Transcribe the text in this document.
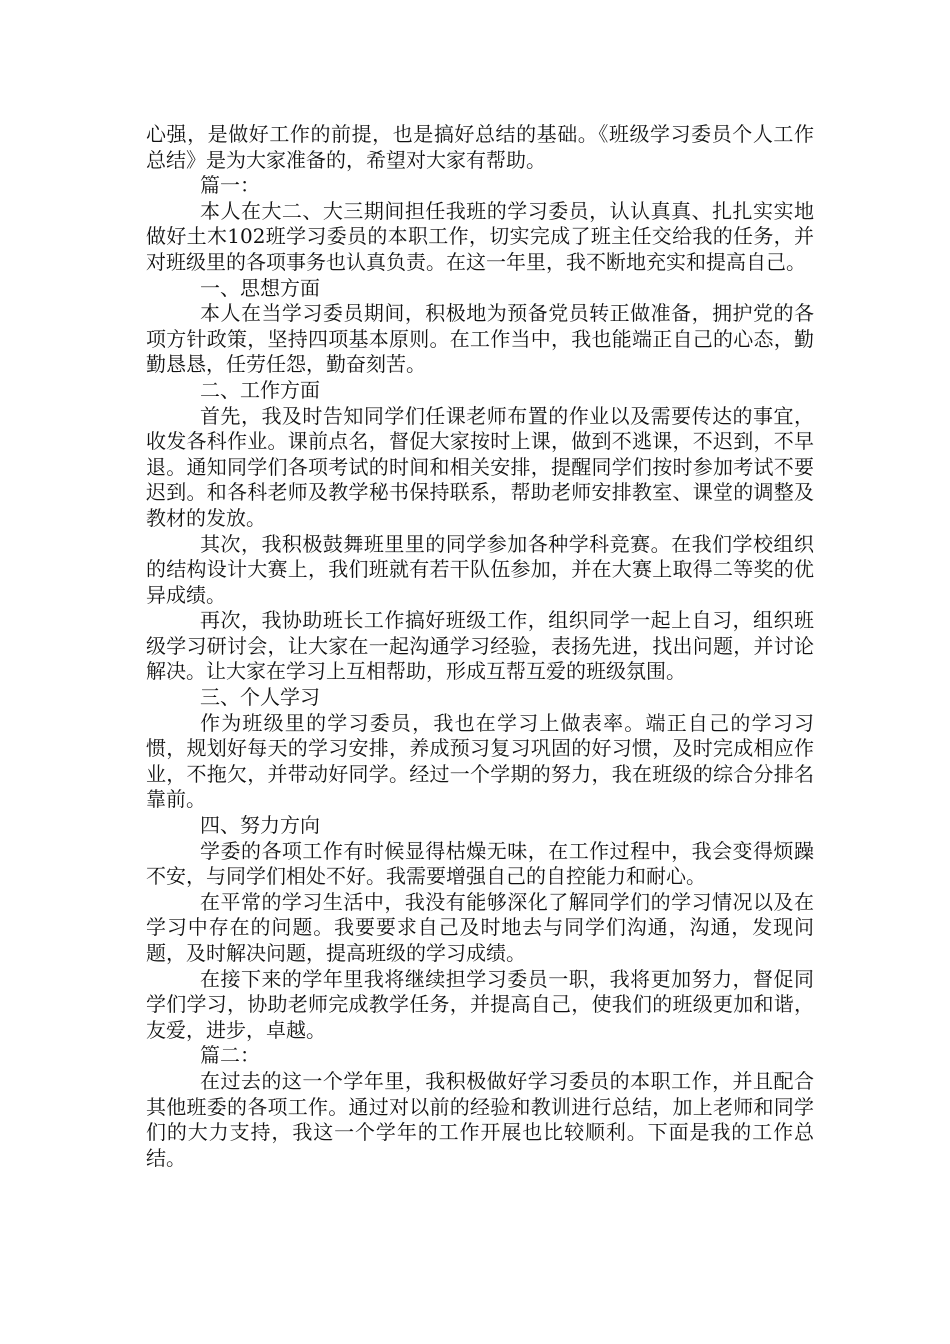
心强，是做好工作的前提，也是搞好总结的基础。《班级学习委员个人工作总结》是为大家准备的，希望对大家有帮助。

篇一：

本人在大二、大三期间担任我班的学习委员，认认真真、扎扎实实地做好土木102班学习委员的本职工作，切实完成了班主任交给我的任务，并对班级里的各项事务也认真负责。在这一年里，我不断地充实和提高自己。

一、思想方面

本人在当学习委员期间，积极地为预备党员转正做准备，拥护党的各项方针政策，坚持四项基本原则。在工作当中，我也能端正自己的心态，勤勤恳恳，任劳任怨，勤奋刻苦。

二、工作方面

首先，我及时告知同学们任课老师布置的作业以及需要传达的事宜，收发各科作业。课前点名，督促大家按时上课，做到不逃课，不迟到，不早退。通知同学们各项考试的时间和相关安排，提醒同学们按时参加考试不要迟到。和各科老师及教学秘书保持联系，帮助老师安排教室、课堂的调整及教材的发放。

其次，我积极鼓舞班里里的同学参加各种学科竞赛。在我们学校组织的结构设计大赛上，我们班就有若干队伍参加，并在大赛上取得二等奖的优异成绩。

再次，我协助班长工作搞好班级工作，组织同学一起上自习，组织班级学习研讨会，让大家在一起沟通学习经验，表扬先进，找出问题，并讨论解决。让大家在学习上互相帮助，形成互帮互爱的班级氛围。

三、个人学习

作为班级里的学习委员，我也在学习上做表率。端正自己的学习习惯，规划好每天的学习安排，养成预习复习巩固的好习惯，及时完成相应作业，不拖欠，并带动好同学。经过一个学期的努力，我在班级的综合分排名靠前。

四、努力方向

学委的各项工作有时候显得枯燥无味，在工作过程中，我会变得烦躁不安，与同学们相处不好。我需要增强自己的自控能力和耐心。

在平常的学习生活中，我没有能够深化了解同学们的学习情况以及在学习中存在的问题。我要要求自己及时地去与同学们沟通，沟通，发现问题，及时解决问题，提高班级的学习成绩。

在接下来的学年里我将继续担学习委员一职，我将更加努力，督促同学们学习，协助老师完成教学任务，并提高自己，使我们的班级更加和谐，友爱，进步，卓越。

篇二：

在过去的这一个学年里，我积极做好学习委员的本职工作，并且配合其他班委的各项工作。通过对以前的经验和教训进行总结，加上老师和同学们的大力支持，我这一个学年的工作开展也比较顺利。下面是我的工作总结。
